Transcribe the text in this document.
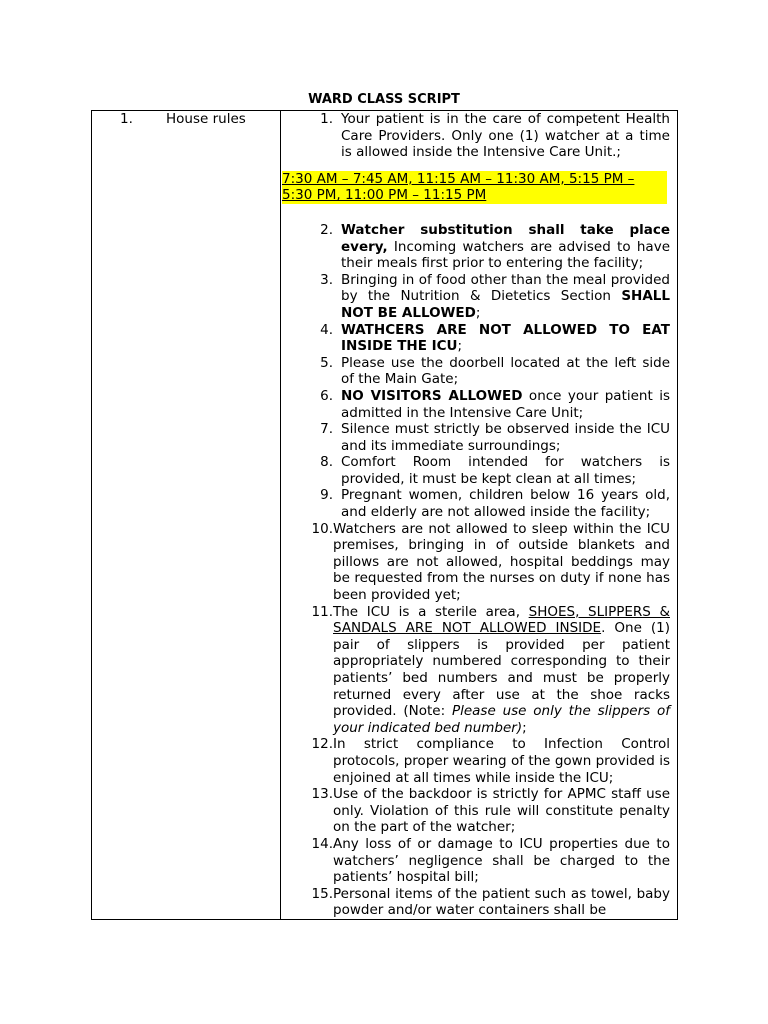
WARD CLASS SCRIPT
1. House rules	1. Your patient is in the care of competent Health Care Providers. Only one (1) watcher at a time is allowed inside the Intensive Care Unit.;
7:30 AM – 7:45 AM, 11:15 AM – 11:30 AM, 5:15 PM – 5:30 PM, 11:00 PM – 11:15 PM
2. Watcher substitution shall take place every, Incoming watchers are advised to have their meals first prior to entering the facility;
3. Bringing in of food other than the meal provided by the Nutrition & Dietetics Section SHALL NOT BE ALLOWED;
4. WATHCERS ARE NOT ALLOWED TO EAT INSIDE THE ICU;
5. Please use the doorbell located at the left side of the Main Gate;
6. NO VISITORS ALLOWED once your patient is admitted in the Intensive Care Unit;
7. Silence must strictly be observed inside the ICU and its immediate surroundings;
8. Comfort Room intended for watchers is provided, it must be kept clean at all times;
9. Pregnant women, children below 16 years old, and elderly are not allowed inside the facility;
10. Watchers are not allowed to sleep within the ICU premises, bringing in of outside blankets and pillows are not allowed, hospital beddings may be requested from the nurses on duty if none has been provided yet;
11. The ICU is a sterile area, SHOES, SLIPPERS & SANDALS ARE NOT ALLOWED INSIDE. One (1) pair of slippers is provided per patient appropriately numbered corresponding to their patients’ bed numbers and must be properly returned every after use at the shoe racks provided. (Note: Please use only the slippers of your indicated bed number);
12. In strict compliance to Infection Control protocols, proper wearing of the gown provided is enjoined at all times while inside the ICU;
13. Use of the backdoor is strictly for APMC staff use only. Violation of this rule will constitute penalty on the part of the watcher;
14. Any loss of or damage to ICU properties due to watchers’ negligence shall be charged to the patients’ hospital bill;
15. Personal items of the patient such as towel, baby powder and/or water containers shall be
